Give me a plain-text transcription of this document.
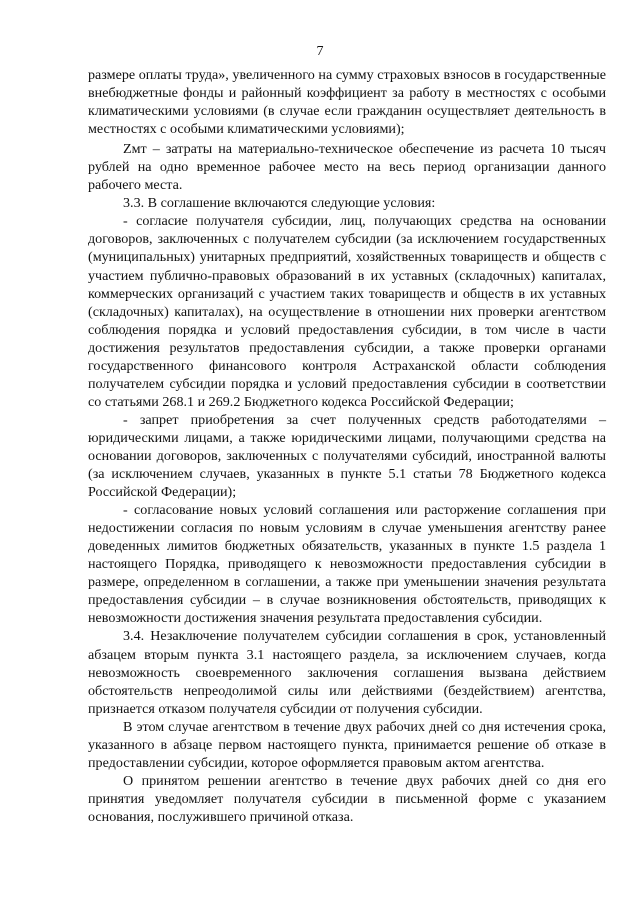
7

размере оплаты труда», увеличенного на сумму страховых взносов в государственные внебюджетные фонды и районный коэффициент за работу в местностях с особыми климатическими условиями (в случае если гражданин осуществляет деятельность в местностях с особыми климатическими условиями);

Zмт – затраты на материально-техническое обеспечение из расчета 10 тысяч рублей на одно временное рабочее место на весь период организации данного рабочего места.

3.3. В соглашение включаются следующие условия:

- согласие получателя субсидии, лиц, получающих средства на основании договоров, заключенных с получателем субсидии (за исключением государственных (муниципальных) унитарных предприятий, хозяйственных товариществ и обществ с участием публично-правовых образований в их уставных (складочных) капиталах, коммерческих организаций с участием таких товариществ и обществ в их уставных (складочных) капиталах), на осуществление в отношении них проверки агентством соблюдения порядка и условий предоставления субсидии, в том числе в части достижения результатов предоставления субсидии, а также проверки органами государственного финансового контроля Астраханской области соблюдения получателем субсидии порядка и условий предоставления субсидии в соответствии со статьями 268.1 и 269.2 Бюджетного кодекса Российской Федерации;

- запрет приобретения за счет полученных средств работодателями – юридическими лицами, а также юридическими лицами, получающими средства на основании договоров, заключенных с получателями субсидий, иностранной валюты (за исключением случаев, указанных в пункте 5.1 статьи 78 Бюджетного кодекса Российской Федерации);

- согласование новых условий соглашения или расторжение соглашения при недостижении согласия по новым условиям в случае уменьшения агентству ранее доведенных лимитов бюджетных обязательств, указанных в пункте 1.5 раздела 1 настоящего Порядка, приводящего к невозможности предоставления субсидии в размере, определенном в соглашении, а также при уменьшении значения результата предоставления субсидии – в случае возникновения обстоятельств, приводящих к невозможности достижения значения результата предоставления субсидии.

3.4. Незаключение получателем субсидии соглашения в срок, установленный абзацем вторым пункта 3.1 настоящего раздела, за исключением случаев, когда невозможность своевременного заключения соглашения вызвана действием обстоятельств непреодолимой силы или действиями (бездействием) агентства, признается отказом получателя субсидии от получения субсидии.

В этом случае агентством в течение двух рабочих дней со дня истечения срока, указанного в абзаце первом настоящего пункта, принимается решение об отказе в предоставлении субсидии, которое оформляется правовым актом агентства.

О принятом решении агентство в течение двух рабочих дней со дня его принятия уведомляет получателя субсидии в письменной форме с указанием основания, послужившего причиной отказа.
